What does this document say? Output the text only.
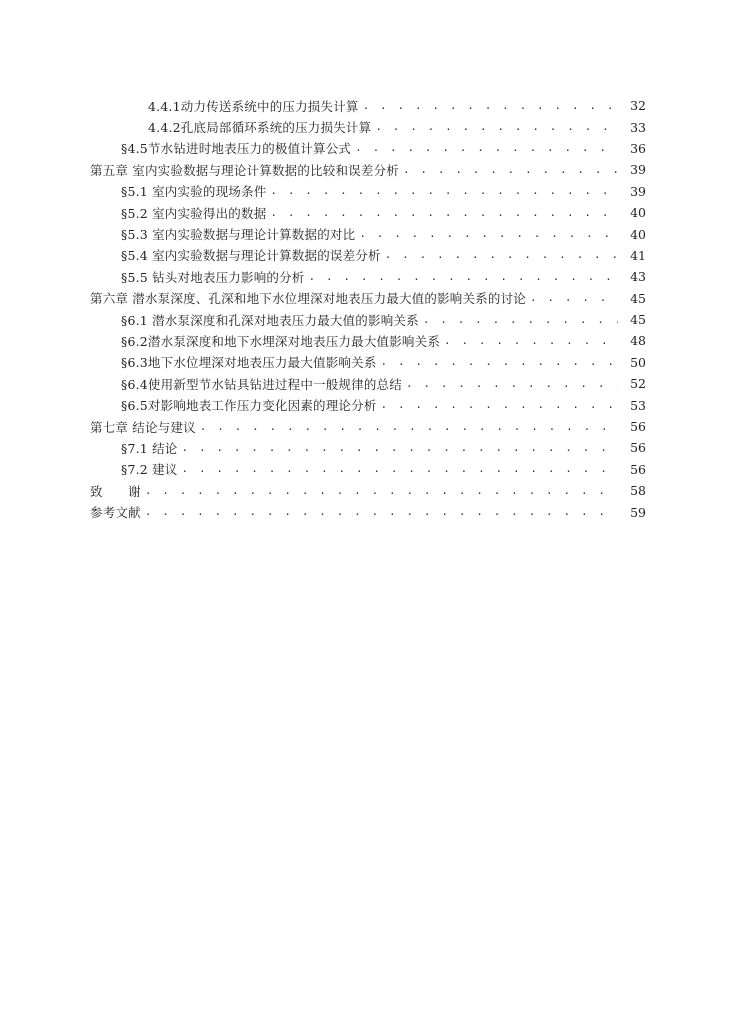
4.4.1动力传送系统中的压力损失计算 . . .	32
4.4.2孔底局部循环系统的压力损失计算 . . .	33
§4.5节水钻进时地表压力的极值计算公式 . . .	36
第五章 室内实验数据与理论计算数据的比较和误差分析 . . .	39
§5.1 室内实验的现场条件 . . .	39
§5.2 室内实验得出的数据 . . .	40
§5.3 室内实验数据与理论计算数据的对比 . . .	40
§5.4 室内实验数据与理论计算数据的误差分析 . . .	41
§5.5 钻头对地表压力影响的分析 . . .	43
第六章 潜水泵深度、孔深和地下水位埋深对地表压力最大值的影响关系的讨论 . . .	45
§6.1 潜水泵深度和孔深对地表压力最大值的影响关系 . . .	45
§6.2潜水泵深度和地下水埋深对地表压力最大值影响关系 . . .	48
§6.3地下水位埋深对地表压力最大值影响关系 . . .	50
§6.4使用新型节水钻具钻进过程中一般规律的总结 . . .	52
§6.5对影响地表工作压力变化因素的理论分析 . . .	53
第七章 结论与建议 . . .	56
§7.1 结论 . . .	56
§7.2 建议 . . .	56
致　　谢 . . .	58
参考文献 . . .	59
